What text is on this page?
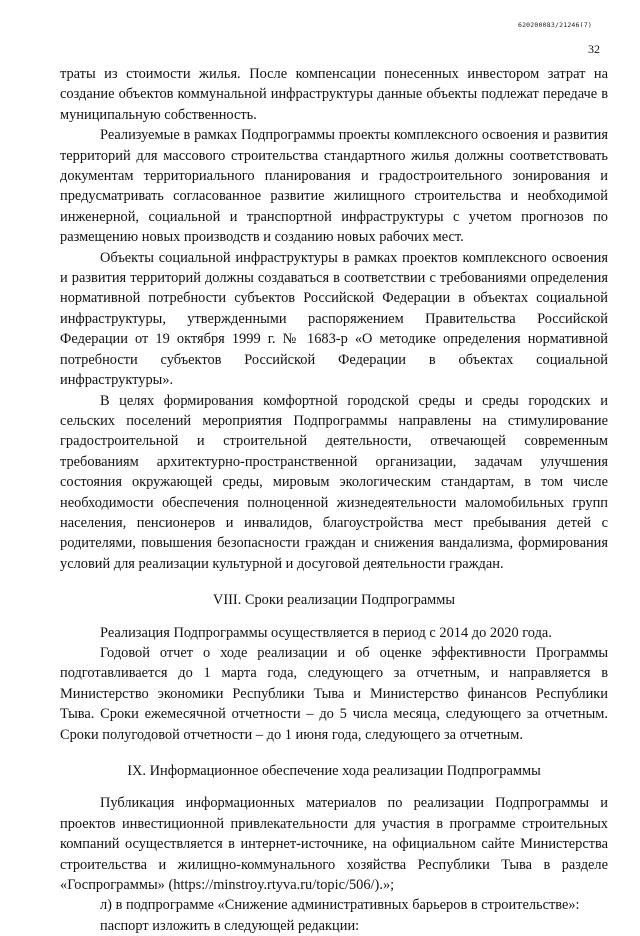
620200083/21246(7)
32

траты из стоимости жилья. После компенсации понесенных инвестором затрат на создание объектов коммунальной инфраструктуры данные объекты подлежат передаче в муниципальную собственность.

Реализуемые в рамках Подпрограммы проекты комплексного освоения и развития территорий для массового строительства стандартного жилья должны соответствовать документам территориального планирования и градостроительного зонирования и предусматривать согласованное развитие жилищного строительства и необходимой инженерной, социальной и транспортной инфраструктуры с учетом прогнозов по размещению новых производств и созданию новых рабочих мест.

Объекты социальной инфраструктуры в рамках проектов комплексного освоения и развития территорий должны создаваться в соответствии с требованиями определения нормативной потребности субъектов Российской Федерации в объектах социальной инфраструктуры, утвержденными распоряжением Правительства Российской Федерации от 19 октября 1999 г. № 1683-р «О методике определения нормативной потребности субъектов Российской Федерации в объектах социальной инфраструктуры».

В целях формирования комфортной городской среды и среды городских и сельских поселений мероприятия Подпрограммы направлены на стимулирование градостроительной и строительной деятельности, отвечающей современным требованиям архитектурно-пространственной организации, задачам улучшения состояния окружающей среды, мировым экологическим стандартам, в том числе необходимости обеспечения полноценной жизнедеятельности маломобильных групп населения, пенсионеров и инвалидов, благоустройства мест пребывания детей с родителями, повышения безопасности граждан и снижения вандализма, формирования условий для реализации культурной и досуговой деятельности граждан.

VIII. Сроки реализации Подпрограммы

Реализация Подпрограммы осуществляется в период с 2014 до 2020 года.

Годовой отчет о ходе реализации и об оценке эффективности Программы подготавливается до 1 марта года, следующего за отчетным, и направляется в Министерство экономики Республики Тыва и Министерство финансов Республики Тыва. Сроки ежемесячной отчетности – до 5 числа месяца, следующего за отчетным. Сроки полугодовой отчетности – до 1 июня года, следующего за отчетным.

IX. Информационное обеспечение хода реализации Подпрограммы

Публикация информационных материалов по реализации Подпрограммы и проектов инвестиционной привлекательности для участия в программе строительных компаний осуществляется в интернет-источнике, на официальном сайте Министерства строительства и жилищно-коммунального хозяйства Республики Тыва в разделе «Госпрограммы» (https://minstroy.rtyva.ru/topic/506/).»;

л) в подпрограмме «Снижение административных барьеров в строительстве»:

паспорт изложить в следующей редакции:
